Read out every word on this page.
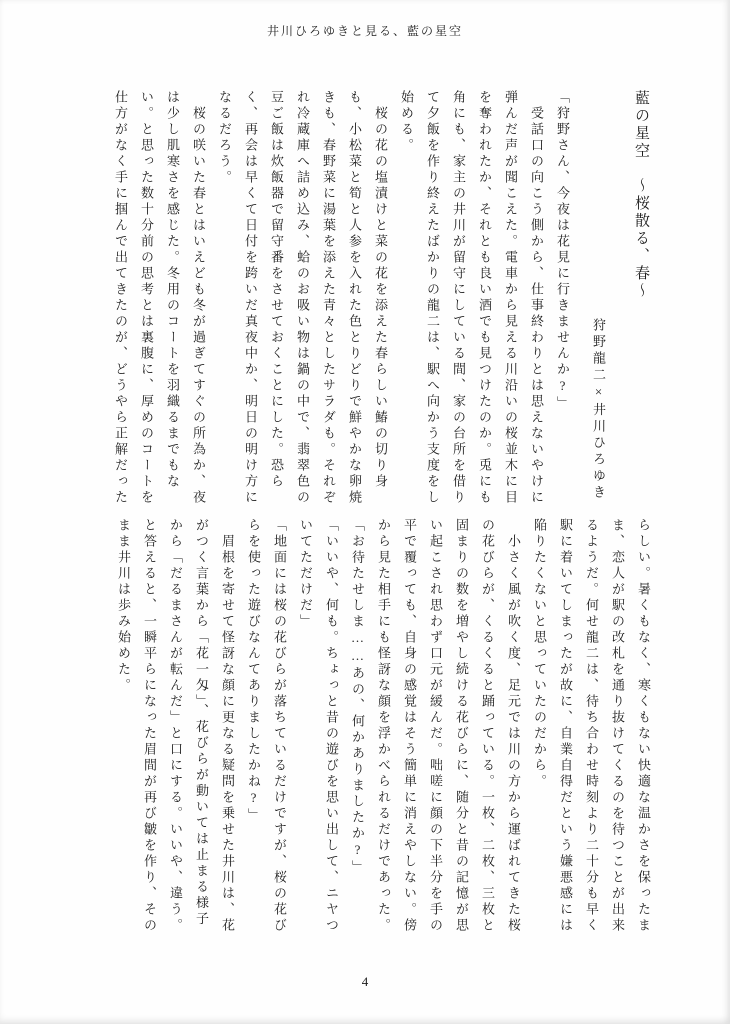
井川ひろゆきと見る、藍の星空
藍の星空　〜桜散る、春〜
狩野龍二×井川ひろゆき

「狩野さん、今夜は花見に行きませんか?」

受話口の向こう側から、仕事終わりとは思えないやけに弾んだ声が聞こえた。電車から見える川沿いの桜並木に目を奪われたか、それとも良い酒でも見つけたのか。兎にも角にも、家主の井川が留守にしている間、家の台所を借りて夕飯を作り終えたばかりの龍二は、駅へ向かう支度をし始める。

桜の花の塩漬けと菜の花を添えた春らしい鰆の切り身も、小松菜と筍と人参を入れた色とりどりで鮮やかな卵焼きも、春野菜に湯葉を添えた青々としたサラダも。それぞれ冷蔵庫へ詰め込み、蛤のお吸い物は鍋の中で、翡翠色の豆ご飯は炊飯器で留守番をさせておくことにした。恐らく、再会は早くて日付を跨いだ真夜中か、明日の明け方になるだろう。

桜の咲いた春とはいえども冬が過ぎてすぐの所為か、夜は少し肌寒さを感じた。冬用のコートを羽織るまでもない。と思った数十分前の思考とは裏腹に、厚めのコートを仕方がなく手に掴んで出てきたのが、どうやら正解だった

らしい。暑くもなく、寒くもない快適な温かさを保ったまま、恋人が駅の改札を通り抜けてくるのを待つことが出来るようだ。何せ龍二は、待ち合わせ時刻より二十分も早く駅に着いてしまったが故に、自業自得だという嫌悪感には陥りたくないと思っていたのだから。

小さく風が吹く度、足元では川の方から運ばれてきた桜の花びらが、くるくると踊っている。一枚、二枚、三枚と固まりの数を増やし続ける花びらに、随分と昔の記憶が思い起こされ思わず口元が緩んだ。咄嗟に顔の下半分を手の平で覆っても、自身の感覚はそう簡単に消えやしない。傍から見た相手にも怪訝な顔を浮かべられるだけであった。

「お待たせしま……あの、何かありましたか?」

「いいや、何も。ちょっと昔の遊びを思い出して、ニヤついてただけだ」

「地面には桜の花びらが落ちているだけですが、桜の花びらを使った遊びなんてありましたかね?」

眉根を寄せて怪訝な顔に更なる疑問を乗せた井川は、花がつく言葉から「花一匁」、花びらが動いては止まる様子から「だるまさんが転んだ」と口にする。いいや、違う。と答えると、一瞬平らになった眉間が再び皺を作り、そのまま井川は歩み始めた。

4
